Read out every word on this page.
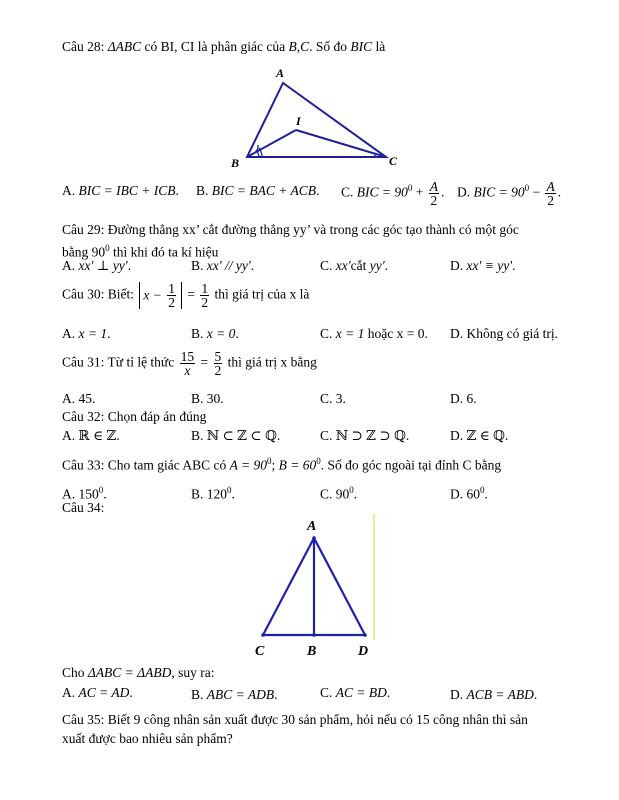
Câu 28: ΔABC có BI, CI là phân giác của B,C. Số đo BIC là
A
I
B	C
A. BIC = IBC + ICB. B. BIC = BAC + ACB. C. BIC = $90^0 + \frac{A}{2}$ . D. BIC = $90^0 - \frac{A}{2}$ .
Câu 29: Đường thẳng xx’ cắt đường thẳng yy’ và trong các góc tạo thành có một góc
bằng $90^0$ thì khi đó ta kí hiệu
A. xx' ⊥ yy'.	B. xx' // yy'.	C. xx'cắt yy'.	D. xx' ≡ yy'.
Câu 30: Biết: $x - \frac{1}{2} = \frac{1}{2}$ thì giá trị của x là
A. x = 1.	B. x = 0.	C. x = 1 hoặc x = 0. D. Không có giá trị.
Câu 31: Từ tỉ lệ thức $\frac{15}{x} = \frac{5}{2}$ thì giá trị x bằng
A. 45.	B. 30.	C. 3.	D. 6.
Câu 32: Chọn đáp án đúng
A. ℝ ∈ ℤ.	B. ℕ ⊂ ℤ ⊂ ℚ.	C. ℕ ⊃ ℤ ⊃ ℚ.	D. ℤ ∈ ℚ.
Câu 33: Cho tam giác ABC có $A = 90^0$; $B = 60^0$. Số đo góc ngoài tại đỉnh C bằng
A. $150^0$.	B. $120^0$.	C. $90^0$.	D. $60^0$.
Câu 34:
A
C	B	D
Cho ΔABC = ΔABD, suy ra:
A. AC = AD.	B. ABC = ADB.	C. AC = BD.	D. ACB = ABD.
Câu 35: Biết 9 công nhân sản xuất được 30 sản phẩm, hỏi nếu có 15 công nhân thì sản
xuất được bao nhiêu sản phẩm?
